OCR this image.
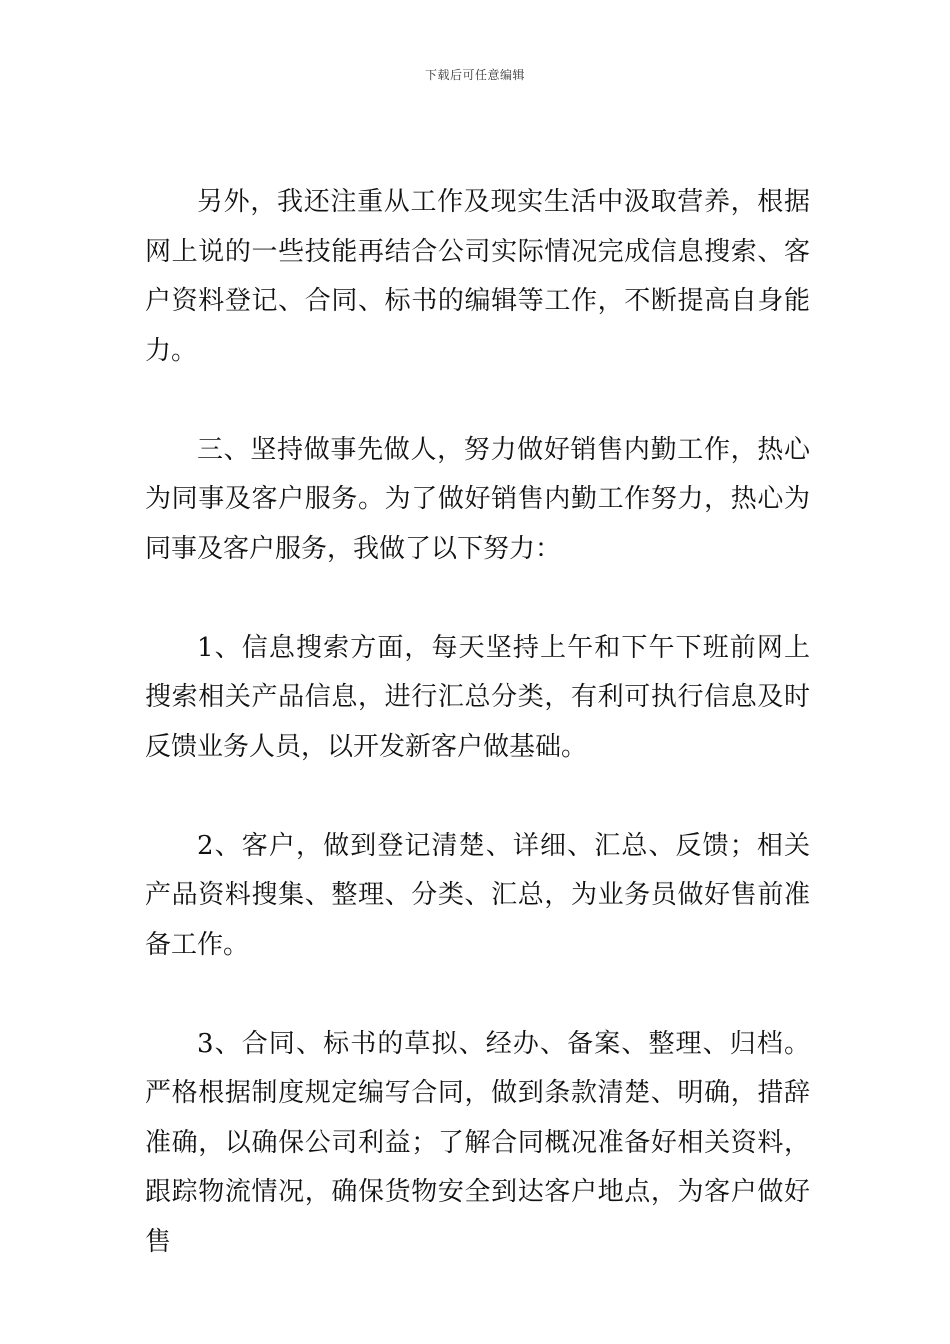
下载后可任意编辑

另外，我还注重从工作及现实生活中汲取营养，根据网上说的一些技能再结合公司实际情况完成信息搜索、客户资料登记、合同、标书的编辑等工作，不断提高自身能力。

三、坚持做事先做人，努力做好销售内勤工作，热心为同事及客户服务。为了做好销售内勤工作努力，热心为同事及客户服务，我做了以下努力：

1、信息搜索方面，每天坚持上午和下午下班前网上搜索相关产品信息，进行汇总分类，有利可执行信息及时反馈业务人员，以开发新客户做基础。

2、客户，做到登记清楚、详细、汇总、反馈；相关产品资料搜集、整理、分类、汇总，为业务员做好售前准备工作。

3、合同、标书的草拟、经办、备案、整理、归档。严格根据制度规定编写合同，做到条款清楚、明确，措辞准确，以确保公司利益；了解合同概况准备好相关资料，跟踪物流情况，确保货物安全到达客户地点，为客户做好售
